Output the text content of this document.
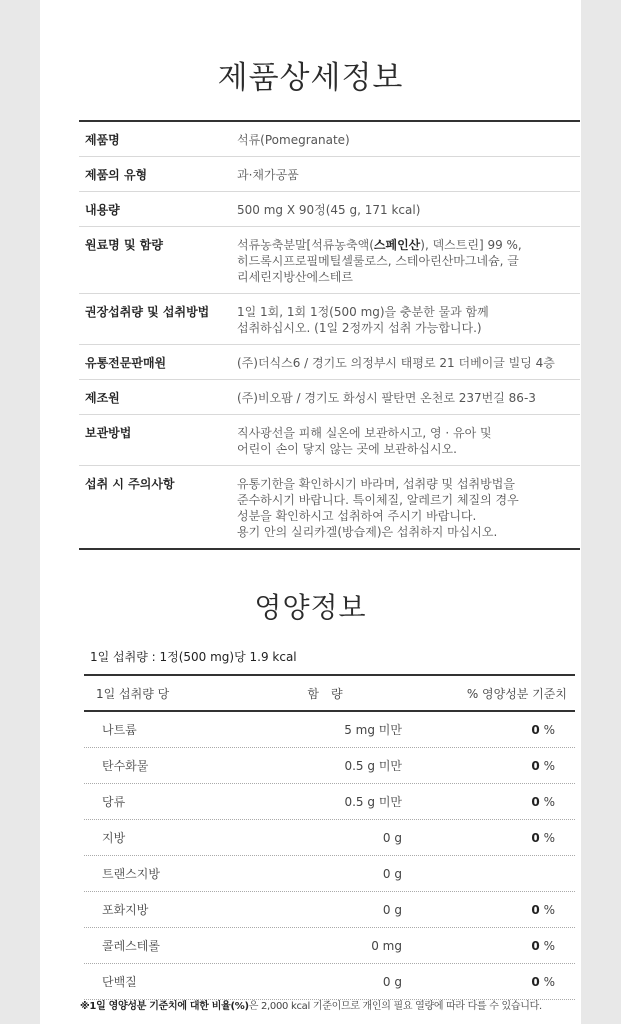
제품상세정보
제품명	석류(Pomegranate)
제품의 유형	과·채가공품
내용량	500 mg X 90정(45 g, 171 kcal)
원료명 및 함량	석류농축분말[석류농축액(스페인산), 덱스트린] 99 %,
히드록시프로필메틸셀룰로스, 스테아린산마그네슘, 글
리세린지방산에스테르
권장섭취량 및 섭취방법	1일 1회, 1회 1정(500 mg)을 충분한 물과 함께
섭취하십시오. (1일 2정까지 섭취 가능합니다.)
유통전문판매원	(주)더식스6 / 경기도 의정부시 태평로 21 더베이글 빌딩 4층
제조원	(주)비오팜 / 경기도 화성시 팔탄면 온천로 237번길 86-3
보관방법	직사광선을 피해 실온에 보관하시고, 영 · 유아 및
어린이 손이 닿지 않는 곳에 보관하십시오.
섭취 시 주의사항	유통기한을 확인하시기 바라며, 섭취량 및 섭취방법을
준수하시기 바랍니다. 특이체질, 알레르기 체질의 경우
성분을 확인하시고 섭취하여 주시기 바랍니다.
용기 안의 실리카겔(방습제)은 섭취하지 마십시오.
영양정보
1일 섭취량 : 1정(500 mg)당 1.9 kcal
1일 섭취량 당	함　량	% 영양성분 기준치
나트륨	5 mg 미만	0 %
탄수화물	0.5 g 미만	0 %
당류	0.5 g 미만	0 %
지방	0 g	0 %
트랜스지방	0 g
포화지방	0 g	0 %
콜레스테롤	0 mg	0 %
단백질	0 g	0 %
※1일 영양성분 기준치에 대한 비율(%)은 2,000 kcal 기준이므로 개인의 필요 열량에 따라 다를 수 있습니다.
